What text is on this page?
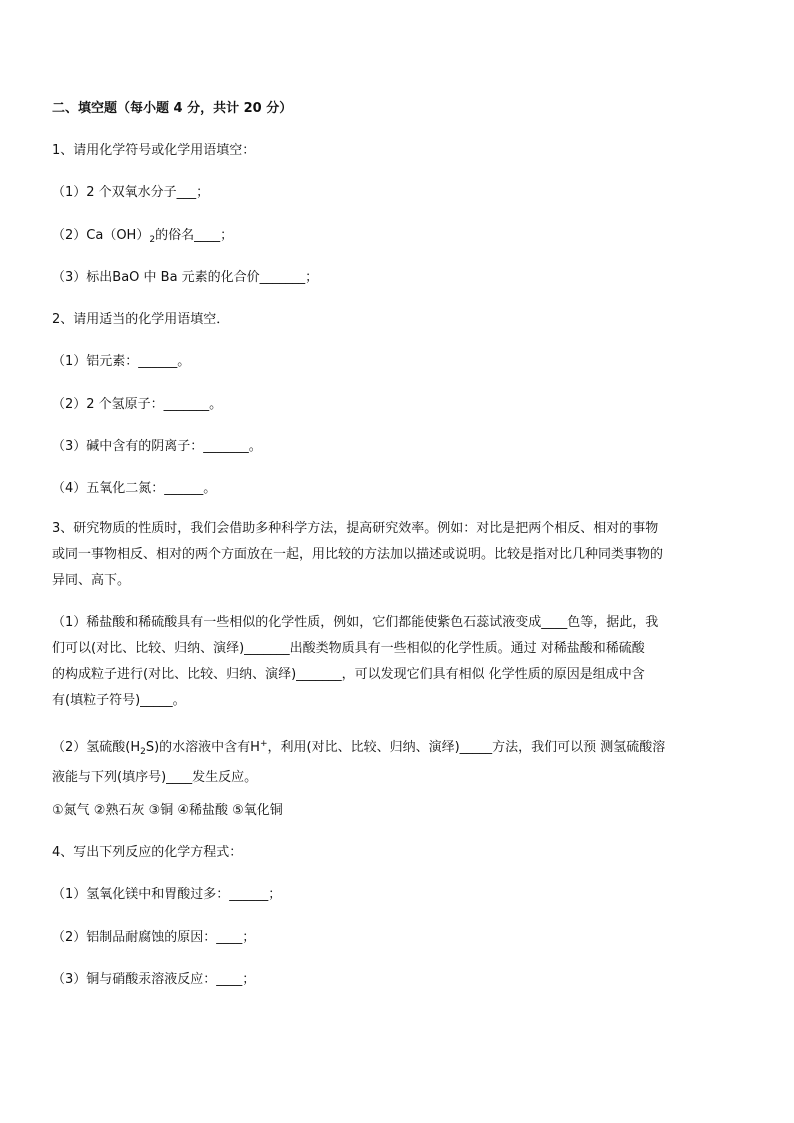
二、填空题（每小题 4 分，共计 20 分）
1、请用化学符号或化学用语填空：
（1）2 个双氧水分子___；
$(2)Ca(OH)_2$的俗名____；
（3）标出BaO 中 Ba 元素的化合价_______；
2、请用适当的化学用语填空．
（1）铝元素：______。
（2）2 个氢原子：_______。
（3）碱中含有的阴离子：_______。
（4）五氧化二氮：______。
3、研究物质的性质时，我们会借助多种科学方法，提高研究效率。例如：对比是把两个相反、相对的事物
或同一事物相反、相对的两个方面放在一起，用比较的方法加以描述或说明。比较是指对比几种同类事物的
异同、高下。
（1）稀盐酸和稀硫酸具有一些相似的化学性质，例如，它们都能使紫色石蕊试液变成____色等，据此，我
们可以(对比、比较、归纳、演绎)_______出酸类物质具有一些相似的化学性质。通过 对稀盐酸和稀硫酸
的构成粒子进行(对比、比较、归纳、演绎)_______，可以发现它们具有相似 化学性质的原因是组成中含
有(填粒子符号)_____。
（2）氢硫酸$(H_2S)$的水溶液中含有H+，利用(对比、比较、归纳、演绎)_____方法，我们可以预 测氢硫酸溶
液能与下列(填序号)____发生反应。
①氮气 ②熟石灰 ③铜 ④稀盐酸 ⑤氧化铜
4、写出下列反应的化学方程式：
（1）氢氧化镁中和胃酸过多：______；
（2）铝制品耐腐蚀的原因：____；
（3）铜与硝酸汞溶液反应：____；
